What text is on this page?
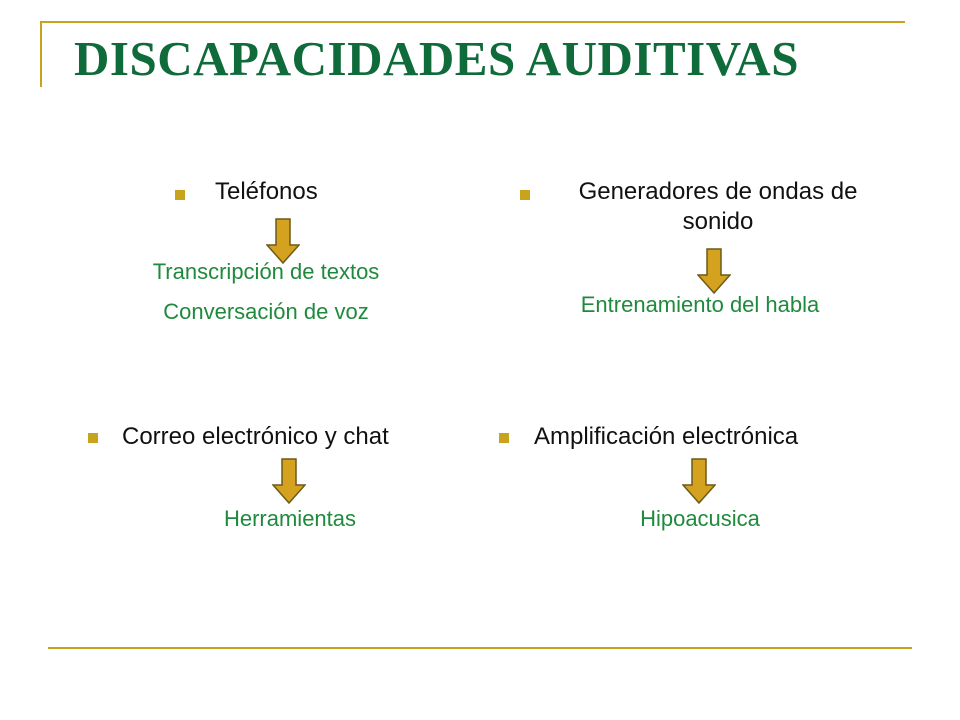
DISCAPACIDADES AUDITIVAS
Teléfonos
Transcripción de textos
Conversación de voz
Generadores de ondas de sonido
Entrenamiento del habla
Correo electrónico y chat
Herramientas
Amplificación electrónica
Hipoacusica
